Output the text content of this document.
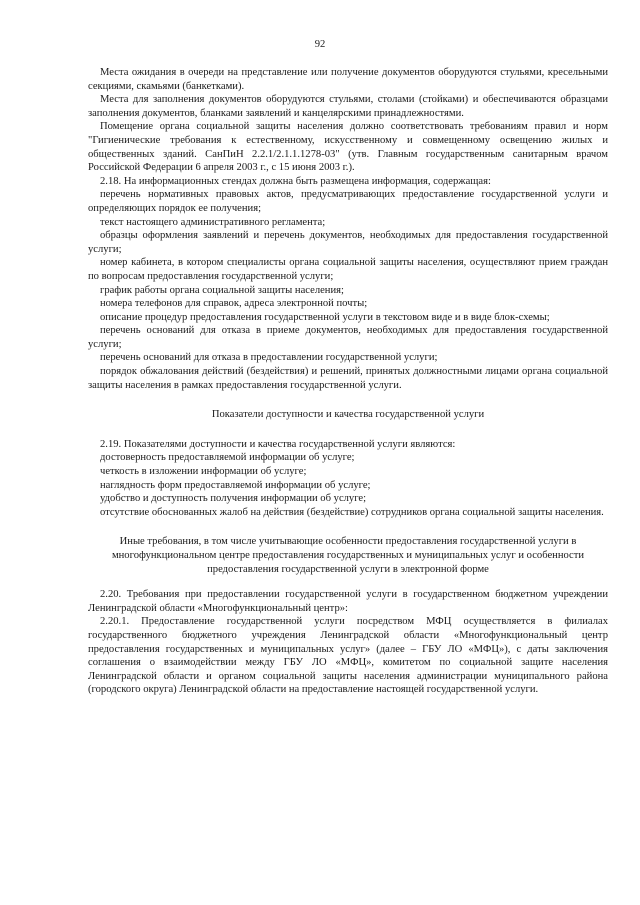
92

Места ожидания в очереди на представление или получение документов оборудуются стульями, кресельными секциями, скамьями (банкетками).

Места для заполнения документов оборудуются стульями, столами (стойками) и обеспечиваются образцами заполнения документов, бланками заявлений и канцелярскими принадлежностями.

Помещение органа социальной защиты населения должно соответствовать требованиям правил и норм "Гигиенические требования к естественному, искусственному и совмещенному освещению жилых и общественных зданий. СанПиН 2.2.1/2.1.1.1278-03" (утв. Главным государственным санитарным врачом Российской Федерации 6 апреля 2003 г., с 15 июня 2003 г.).

2.18. На информационных стендах должна быть размещена информация, содержащая:

перечень нормативных правовых актов, предусматривающих предоставление государственной услуги и определяющих порядок ее получения;

текст настоящего административного регламента;

образцы оформления заявлений и перечень документов, необходимых для предоставления государственной услуги;

номер кабинета, в котором специалисты органа социальной защиты населения, осуществляют прием граждан по вопросам предоставления государственной услуги;

график работы органа социальной защиты населения;

номера телефонов для справок, адреса электронной почты;

описание процедур предоставления государственной услуги в текстовом виде и в виде блок-схемы;

перечень оснований для отказа в приеме документов, необходимых для предоставления государственной услуги;

перечень оснований для отказа в предоставлении государственной услуги;

порядок обжалования действий (бездействия) и решений, принятых должностными лицами органа социальной защиты населения в рамках предоставления государственной услуги.

Показатели доступности и качества государственной услуги

2.19. Показателями доступности и качества государственной услуги являются:

достоверность предоставляемой информации об услуге;

четкость в изложении информации об услуге;

наглядность форм предоставляемой информации об услуге;

удобство и доступность получения информации об услуге;

отсутствие обоснованных жалоб на действия (бездействие) сотрудников органа социальной защиты населения.

Иные требования, в том числе учитывающие особенности предоставления государственной услуги в многофункциональном центре предоставления государственных и муниципальных услуг и особенности предоставления государственной услуги в электронной форме

2.20. Требования при предоставлении государственной услуги в государственном бюджетном учреждении Ленинградской области «Многофункциональный центр»:

2.20.1. Предоставление государственной услуги посредством МФЦ осуществляется в филиалах государственного бюджетного учреждения Ленинградской области «Многофункциональный центр предоставления государственных и муниципальных услуг» (далее – ГБУ ЛО «МФЦ»), с даты заключения соглашения о взаимодействии между ГБУ ЛО «МФЦ», комитетом по социальной защите населения Ленинградской области и органом социальной защиты населения администрации муниципального района (городского округа) Ленинградской области на предоставление настоящей государственной услуги.
